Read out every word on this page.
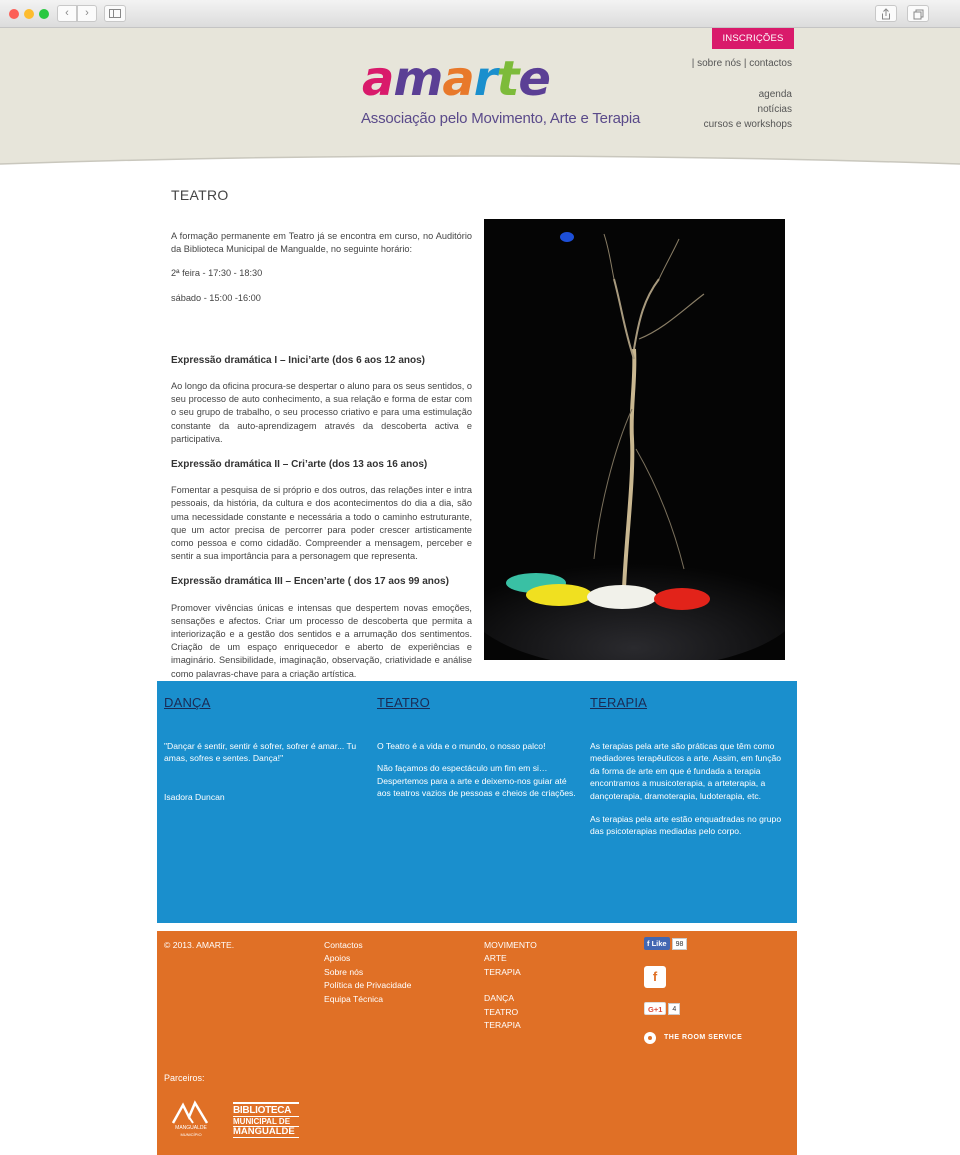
‹	›
amarte
Associação pelo Movimento, Arte e Terapia
INSCRIÇÕES
| sobre nós | contactos
agenda
notícias
cursos e workshops
TEATRO

A formação permanente em Teatro já se encontra em curso, no Auditório da Biblioteca Municipal de Mangualde, no seguinte horário:

2ª feira - 17:30 - 18:30

sábado - 15:00 -16:00

Expressão dramática I – Inici’arte (dos 6 aos 12 anos)

Ao longo da oficina procura-se despertar o aluno para os seus sentidos, o seu processo de auto conhecimento, a sua relação e forma de estar com o seu grupo de trabalho, o seu processo criativo e para uma estimulação constante da auto-aprendizagem através da descoberta activa e participativa.

Expressão dramática II – Cri’arte (dos 13 aos 16 anos)

Fomentar a pesquisa de si próprio e dos outros, das relações inter e intra pessoais, da história, da cultura e dos acontecimentos do dia a dia, são uma necessidade constante e necessária a todo o caminho estruturante, que um actor precisa de percorrer para poder crescer artisticamente como pessoa e como cidadão. Compreender a mensagem, perceber e sentir a sua importância para a personagem que representa.

Expressão dramática III – Encen’arte ( dos 17 aos 99 anos)

Promover vivências únicas e intensas que despertem novas emoções, sensações e afectos. Criar um processo de descoberta que permita a interiorização e a gestão dos sentidos e a arrumação dos sentimentos. Criação de um espaço enriquecedor e aberto de experiências e imaginário. Sensibilidade, imaginação, observação, criatividade e análise como palavras-chave para a criação artística.

DANÇA

"Dançar é sentir, sentir é sofrer, sofrer é amar... Tu amas, sofres e sentes. Dança!"

Isadora Duncan

TEATRO

O Teatro é a vida e o mundo, o nosso palco!

Não façamos do espectáculo um fim em si…Despertemos para a arte e deixemo-nos guiar até aos teatros vazios de pessoas e cheios de criações.

TERAPIA

As terapias pela arte são práticas que têm como mediadores terapêuticos a arte. Assim, em função da forma de arte em que é fundada a terapia encontramos a musicoterapia, a arteterapia, a dançoterapia, dramoterapia, ludoterapia, etc.

As terapias pela arte estão enquadradas no grupo das psicoterapias mediadas pelo corpo.

© 2013. AMARTE.	Contactos
Apoios
Sobre nós
Política de Privacidade
Equipa Técnica
MOVIMENTO
ARTE
TERAPIA
DANÇA
TEATRO
TERAPIA
f Like	98
f
G+1	4
THE ROOM SERVICE
Parceiros:
MANGUALDE
MUNICÍPIO
BIBLIOTECA
MUNICIPAL DE
MANGUALDE
